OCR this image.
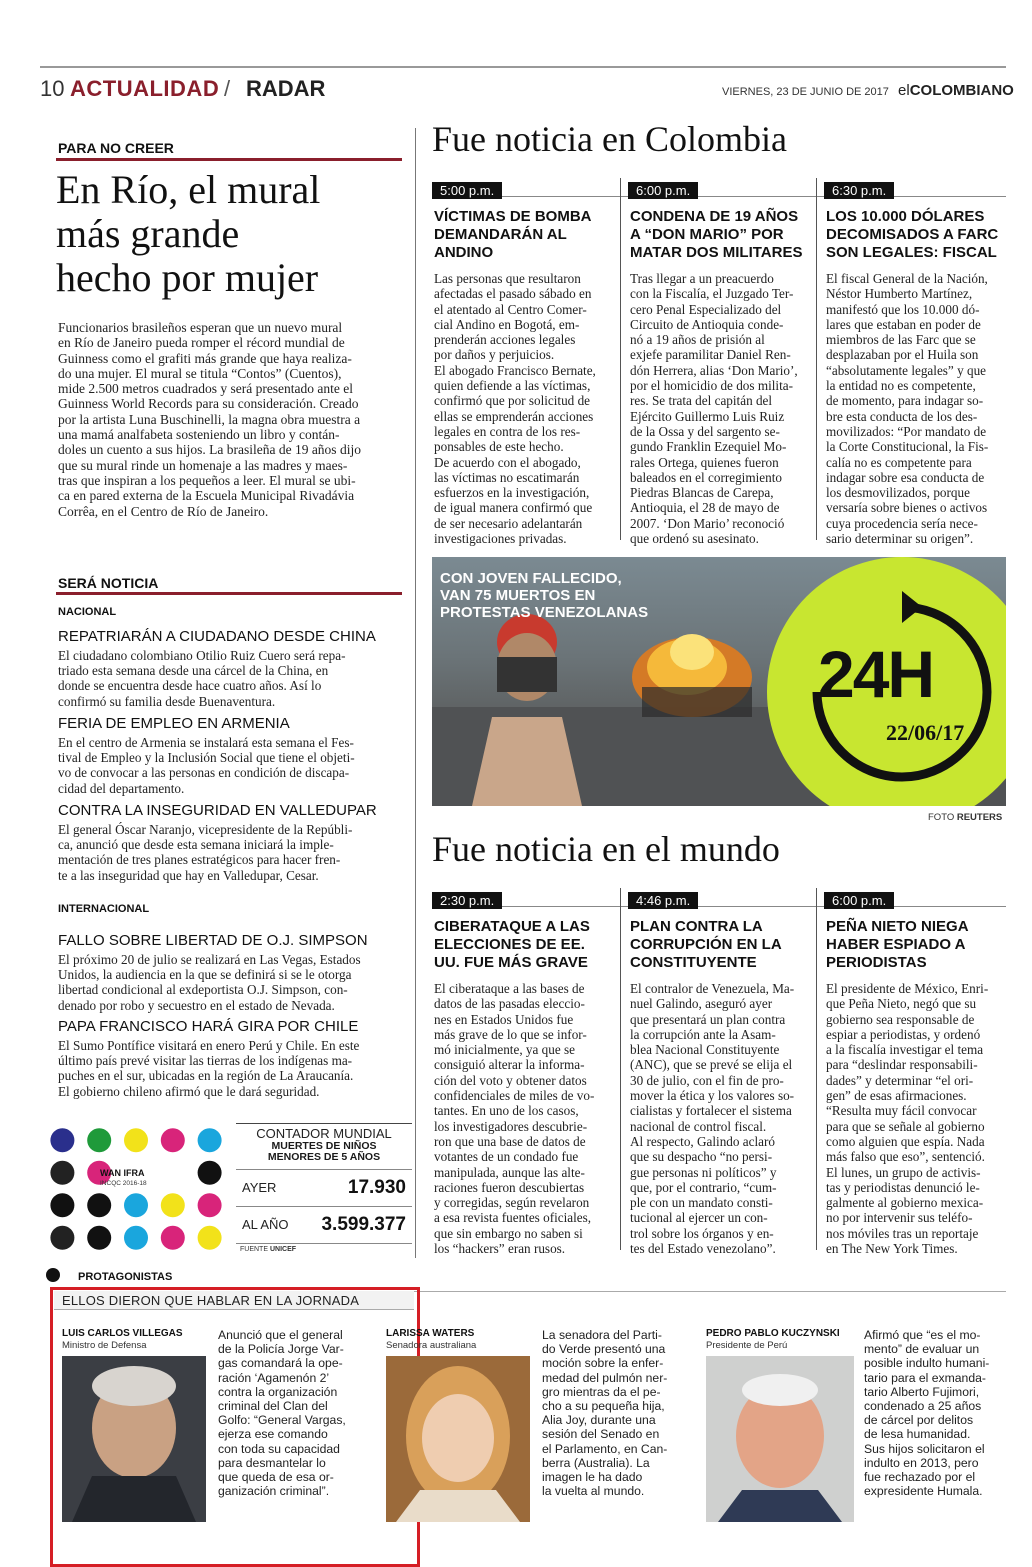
10 ACTUALIDAD / RADAR	VIERNES, 23 DE JUNIO DE 2017 elCOLOMBIANO
PARA NO CREER
En Río, el mural
más grande
hecho por mujer
Funcionarios brasileños esperan que un nuevo mural
en Río de Janeiro pueda romper el récord mundial de
Guinness como el grafiti más grande que haya realiza-
do una mujer. El mural se titula “Contos” (Cuentos),
mide 2.500 metros cuadrados y será presentado ante el
Guinness World Records para su consideración. Creado
por la artista Luna Buschinelli, la magna obra muestra a
una mamá analfabeta sosteniendo un libro y contán-
doles un cuento a sus hijos. La brasileña de 19 años dijo
que su mural rinde un homenaje a las madres y maes-
tras que inspiran a los pequeños a leer. El mural se ubi-
ca en pared externa de la Escuela Municipal Rivadávia
Corrêa, en el Centro de Río de Janeiro.
SERÁ NOTICIA
NACIONAL
REPATRIARÁN A CIUDADANO DESDE CHINA
El ciudadano colombiano Otilio Ruiz Cuero será repa-
triado esta semana desde una cárcel de la China, en
donde se encuentra desde hace cuatro años. Así lo
confirmó su familia desde Buenaventura.
FERIA DE EMPLEO EN ARMENIA
En el centro de Armenia se instalará esta semana el Fes-
tival de Empleo y la Inclusión Social que tiene el objeti-
vo de convocar a las personas en condición de discapa-
cidad del departamento.
CONTRA LA INSEGURIDAD EN VALLEDUPAR
El general Óscar Naranjo, vicepresidente de la Repúbli-
ca, anunció que desde esta semana iniciará la imple-
mentación de tres planes estratégicos para hacer fren-
te a las inseguridad que hay en Valledupar, Cesar.
INTERNACIONAL
FALLO SOBRE LIBERTAD DE O.J. SIMPSON
El próximo 20 de julio se realizará en Las Vegas, Estados
Unidos, la audiencia en la que se definirá si se le otorga
libertad condicional al exdeportista O.J. Simpson, con-
denado por robo y secuestro en el estado de Nevada.
PAPA FRANCISCO HARÁ GIRA POR CHILE
El Sumo Pontífice visitará en enero Perú y Chile. En este
último país prevé visitar las tierras de los indígenas ma-
puches en el sur, ubicadas en la región de La Araucanía.
El gobierno chileno afirmó que le dará seguridad.
Fue noticia en Colombia
5:00 p.m.
VÍCTIMAS DE BOMBA
DEMANDARÁN AL
ANDINO
Las personas que resultaron
afectadas el pasado sábado en
el atentado al Centro Comer-
cial Andino en Bogotá, em-
prenderán acciones legales
por daños y perjuicios.
El abogado Francisco Bernate,
quien defiende a las víctimas,
confirmó que por solicitud de
ellas se emprenderán acciones
legales en contra de los res-
ponsables de este hecho.
De acuerdo con el abogado,
las víctimas no escatimarán
esfuerzos en la investigación,
de igual manera confirmó que
de ser necesario adelantarán
investigaciones privadas.
6:00 p.m.
CONDENA DE 19 AÑOS
A “DON MARIO” POR
MATAR DOS MILITARES
Tras llegar a un preacuerdo
con la Fiscalía, el Juzgado Ter-
cero Penal Especializado del
Circuito de Antioquia conde-
nó a 19 años de prisión al
exjefe paramilitar Daniel Ren-
dón Herrera, alias ‘Don Mario’,
por el homicidio de dos milita-
res. Se trata del capitán del
Ejército Guillermo Luis Ruiz
de la Ossa y del sargento se-
gundo Franklin Ezequiel Mo-
rales Ortega, quienes fueron
baleados en el corregimiento
Piedras Blancas de Carepa,
Antioquia, el 28 de mayo de
2007. ‘Don Mario’ reconoció
que ordenó su asesinato.
6:30 p.m.
LOS 10.000 DÓLARES
DECOMISADOS A FARC
SON LEGALES: FISCAL
El fiscal General de la Nación,
Néstor Humberto Martínez,
manifestó que los 10.000 dó-
lares que estaban en poder de
miembros de las Farc que se
desplazaban por el Huila son
“absolutamente legales” y que
la entidad no es competente,
de momento, para indagar so-
bre esta conducta de los des-
movilizados: “Por mandato de
la Corte Constitucional, la Fis-
calía no es competente para
indagar sobre esa conducta de
los desmovilizados, porque
versaría sobre bienes o activos
cuya procedencia sería nece-
sario determinar su origen”.
24H
22/06/17
CON JOVEN FALLECIDO,
VAN 75 MUERTOS EN
PROTESTAS VENEZOLANAS
FOTO REUTERS
Fue noticia en el mundo
2:30 p.m.
CIBERATAQUE A LAS
ELECCIONES DE EE.
UU. FUE MÁS GRAVE
El ciberataque a las bases de
datos de las pasadas eleccio-
nes en Estados Unidos fue
más grave de lo que se infor-
mó inicialmente, ya que se
consiguió alterar la informa-
ción del voto y obtener datos
confidenciales de miles de vo-
tantes. En uno de los casos,
los investigadores descubrie-
ron que una base de datos de
votantes de un condado fue
manipulada, aunque las alte-
raciones fueron descubiertas
y corregidas, según revelaron
a esa revista fuentes oficiales,
que sin embargo no saben si
los “hackers” eran rusos.
4:46 p.m.
PLAN CONTRA LA
CORRUPCIÓN EN LA
CONSTITUYENTE
El contralor de Venezuela, Ma-
nuel Galindo, aseguró ayer
que presentará un plan contra
la corrupción ante la Asam-
blea Nacional Constituyente
(ANC), que se prevé se elija el
30 de julio, con el fin de pro-
mover la ética y los valores so-
cialistas y fortalecer el sistema
nacional de control fiscal.
Al respecto, Galindo aclaró
que su despacho “no persi-
gue personas ni políticos” y
que, por el contrario, “cum-
ple con un mandato consti-
tucional al ejercer un con-
trol sobre los órganos y en-
tes del Estado venezolano”.
6:00 p.m.
PEÑA NIETO NIEGA
HABER ESPIADO A
PERIODISTAS
El presidente de México, Enri-
que Peña Nieto, negó que su
gobierno sea responsable de
espiar a periodistas, y ordenó
a la fiscalía investigar el tema
para “deslindar responsabili-
dades” y determinar “el ori-
gen” de esas afirmaciones.
“Resulta muy fácil convocar
para que se señale al gobierno
como alguien que espía. Nada
más falso que eso”, sentenció.
El lunes, un grupo de activis-
tas y periodistas denunció le-
galmente al gobierno mexica-
no por intervenir sus teléfo-
nos móviles tras un reportaje
en The New York Times.
WAN IFRA
INCQC 2016-18
CONTADOR MUNDIAL
MUERTES DE NIÑOS
MENORES DE 5 AÑOS
AYER	17.930
AL AÑO 3.599.377
FUENTE UNICEF
PROTAGONISTAS
ELLOS DIERON QUE HABLAR EN LA JORNADA
LUIS CARLOS VILLEGAS
Ministro de Defensa
Anunció que el general
de la Policía Jorge Var-
gas comandará la ope-
ración ‘Agamenón 2’
contra la organización
criminal del Clan del
Golfo: “General Vargas,
ejerza ese comando
con toda su capacidad
para desmantelar lo
que queda de esa or-
ganización criminal”.
LARISSA WATERS
Senadora australiana
La senadora del Parti-
do Verde presentó una
moción sobre la enfer-
medad del pulmón ner-
gro mientras da el pe-
cho a su pequeña hija,
Alia Joy, durante una
sesión del Senado en
el Parlamento, en Can-
berra (Australia). La
imagen le ha dado
la vuelta al mundo.
PEDRO PABLO KUCZYNSKI
Presidente de Perú
Afirmó que “es el mo-
mento” de evaluar un
posible indulto humani-
tario para el exmanda-
tario Alberto Fujimori,
condenado a 25 años
de cárcel por delitos
de lesa humanidad.
Sus hijos solicitaron el
indulto en 2013, pero
fue rechazado por el
expresidente Humala.
